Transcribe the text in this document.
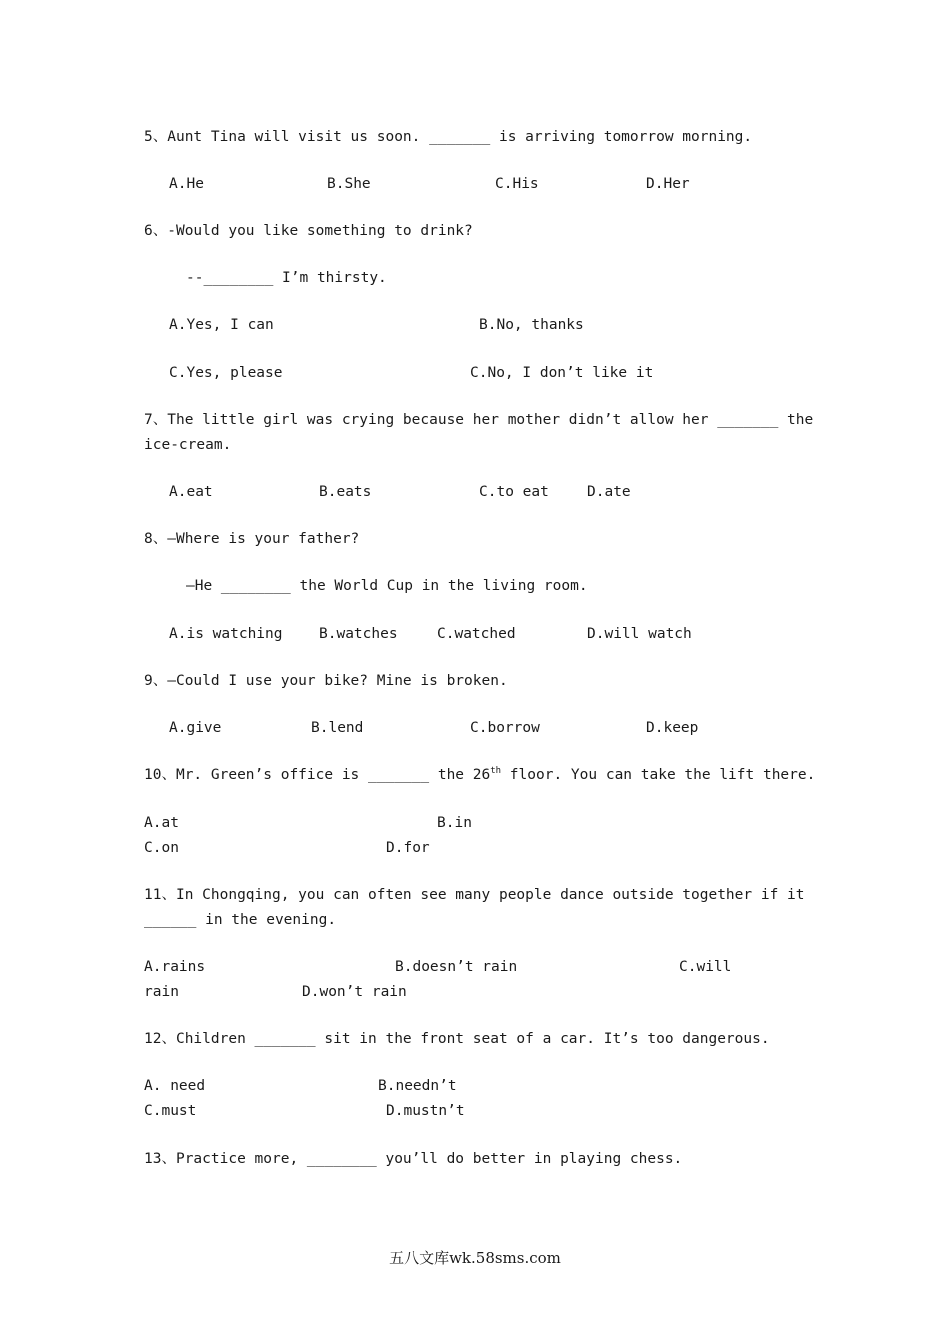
5、Aunt Tina will visit us soon. _______ is arriving tomorrow morning.
A.He	B.She	C.His	D.Her
6、-Would you like something to drink?
--________ I’m thirsty.
A.Yes, I can	B.No, thanks
C.Yes, please	C.No, I don’t like it
7、The little girl was crying because her mother didn’t allow her _______ the
ice-cream.
A.eat	B.eats	C.to eat	D.ate
8、—Where is your father?
—He ________ the World Cup in the living room.
A.is watching	B.watches	C.watched	D.will watch
9、—Could I use your bike? Mine is broken.
A.give	B.lend	C.borrow	D.keep
10、Mr. Green’s office is _______ the 26th floor. You can take the lift there.
A.at	B.in
C.on	D.for
11、In Chongqing, you can often see many people dance outside together if it
______ in the evening.
A.rains	B.doesn’t rain	C.will
rain	D.won’t rain
12、Children _______ sit in the front seat of a car. It’s too dangerous.
A. need	B.needn’t
C.must	D.mustn’t
13、Practice more, ________ you’ll do better in playing chess.
五八文库wk.58sms.com
